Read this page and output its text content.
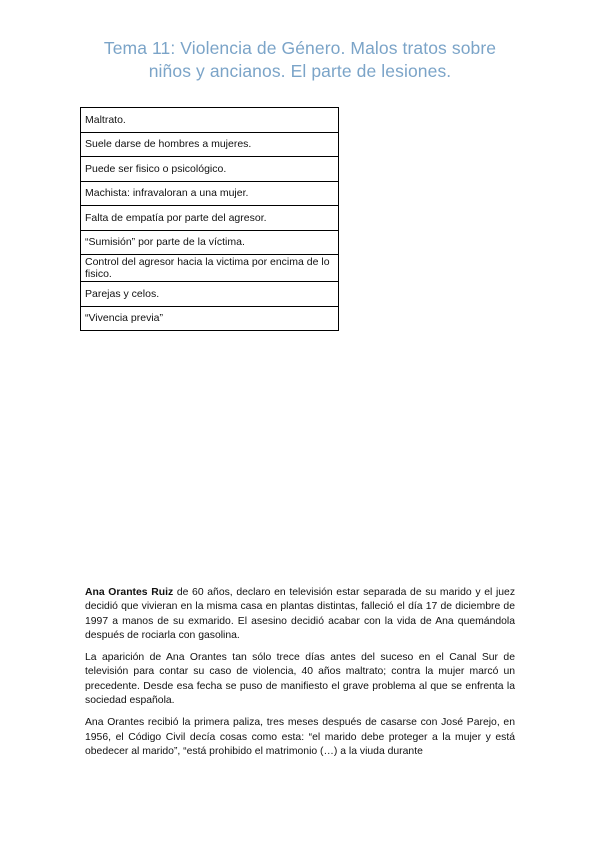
Tema 11: Violencia de Género. Malos tratos sobre
niños y ancianos. El parte de lesiones.
Maltrato.
Suele darse de hombres a mujeres.
Puede ser fisico o psicológico.
Machista: infravaloran a una mujer.
Falta de empatía por parte del agresor.
“Sumisión” por parte de la víctima.
Control del agresor hacia la victima por encima de lo fisico.
Parejas y celos.
“Vivencia previa”

Ana Orantes Ruiz de 60 años, declaro en televisión estar separada de su marido y el juez decidió que vivieran en la misma casa en plantas distintas, falleció el día 17 de diciembre de 1997 a manos de su exmarido. El asesino decidió acabar con la vida de Ana quemándola después de rociarla con gasolina.

La aparición de Ana Orantes tan sólo trece días antes del suceso en el Canal Sur de televisión para contar su caso de violencia, 40 años maltrato; contra la mujer marcó un precedente. Desde esa fecha se puso de manifiesto el grave problema al que se enfrenta la sociedad española.

Ana Orantes recibió la primera paliza, tres meses después de casarse con José Parejo, en 1956, el Código Civil decía cosas como esta: “el marido debe proteger a la mujer y está obedecer al marido”, “está prohibido el matrimonio (…) a la viuda durante
